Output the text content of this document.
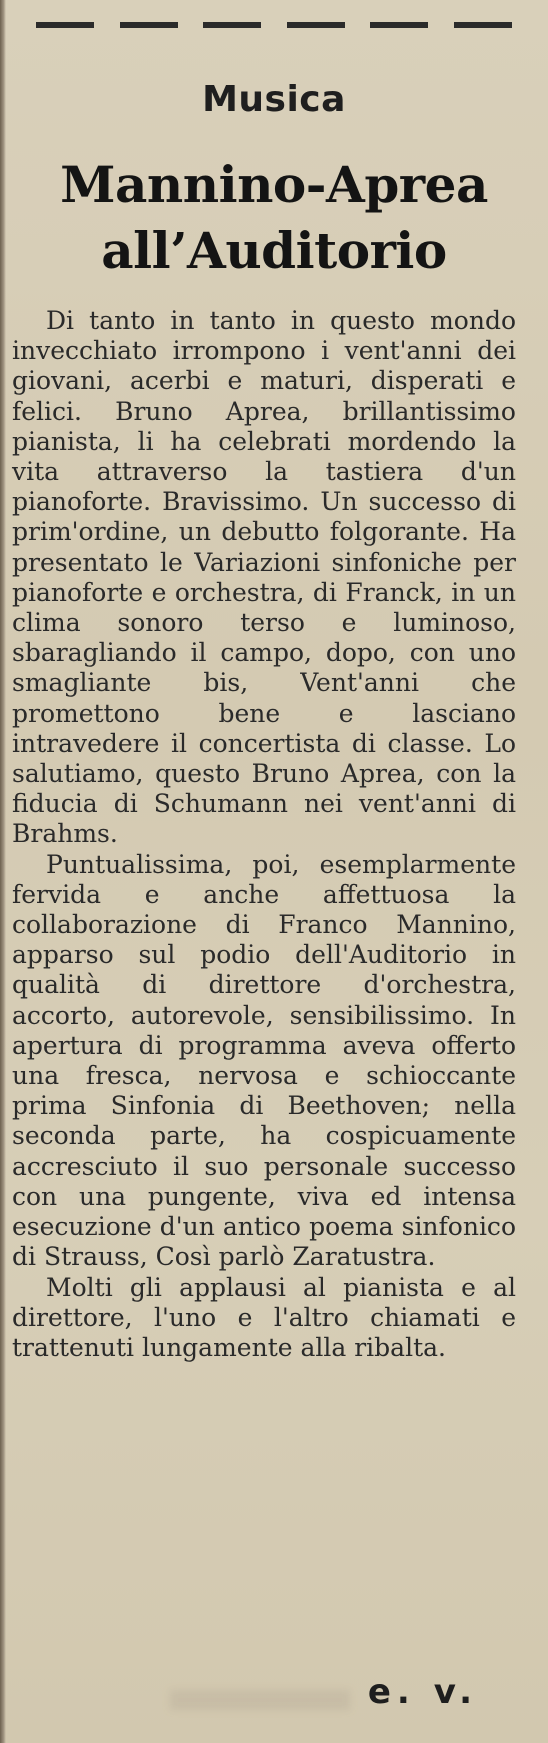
Musica
Mannino-Aprea all’Auditorio

Di tanto in tanto in questo mondo invecchiato irrompono i vent'anni dei giovani, acerbi e maturi, disperati e felici. Bruno Aprea, brillantissimo pianista, li ha celebrati mordendo la vita attraverso la tastiera d'un pianoforte. Bravissimo. Un successo di prim'ordine, un debutto folgorante. Ha presentato le Variazioni sinfoniche per pianoforte e orchestra, di Franck, in un clima sonoro terso e luminoso, sbaragliando il campo, dopo, con uno smagliante bis, Vent'anni che promettono bene e lasciano intravedere il concertista di classe. Lo salutiamo, questo Bruno Aprea, con la fiducia di Schumann nei vent'anni di Brahms.

Puntualissima, poi, esemplarmente fervida e anche affettuosa la collaborazione di Franco Mannino, apparso sul podio dell'Auditorio in qualità di direttore d'orchestra, accorto, autorevole, sensibilissimo. In apertura di programma aveva offerto una fresca, nervosa e schioccante prima Sinfonia di Beethoven; nella seconda parte, ha cospicuamente accresciuto il suo personale successo con una pungente, viva ed intensa esecuzione d'un antico poema sinfonico di Strauss, Così parlò Zaratustra.

Molti gli applausi al pianista e al direttore, l'uno e l'altro chiamati e trattenuti lungamente alla ribalta.

e. v.
